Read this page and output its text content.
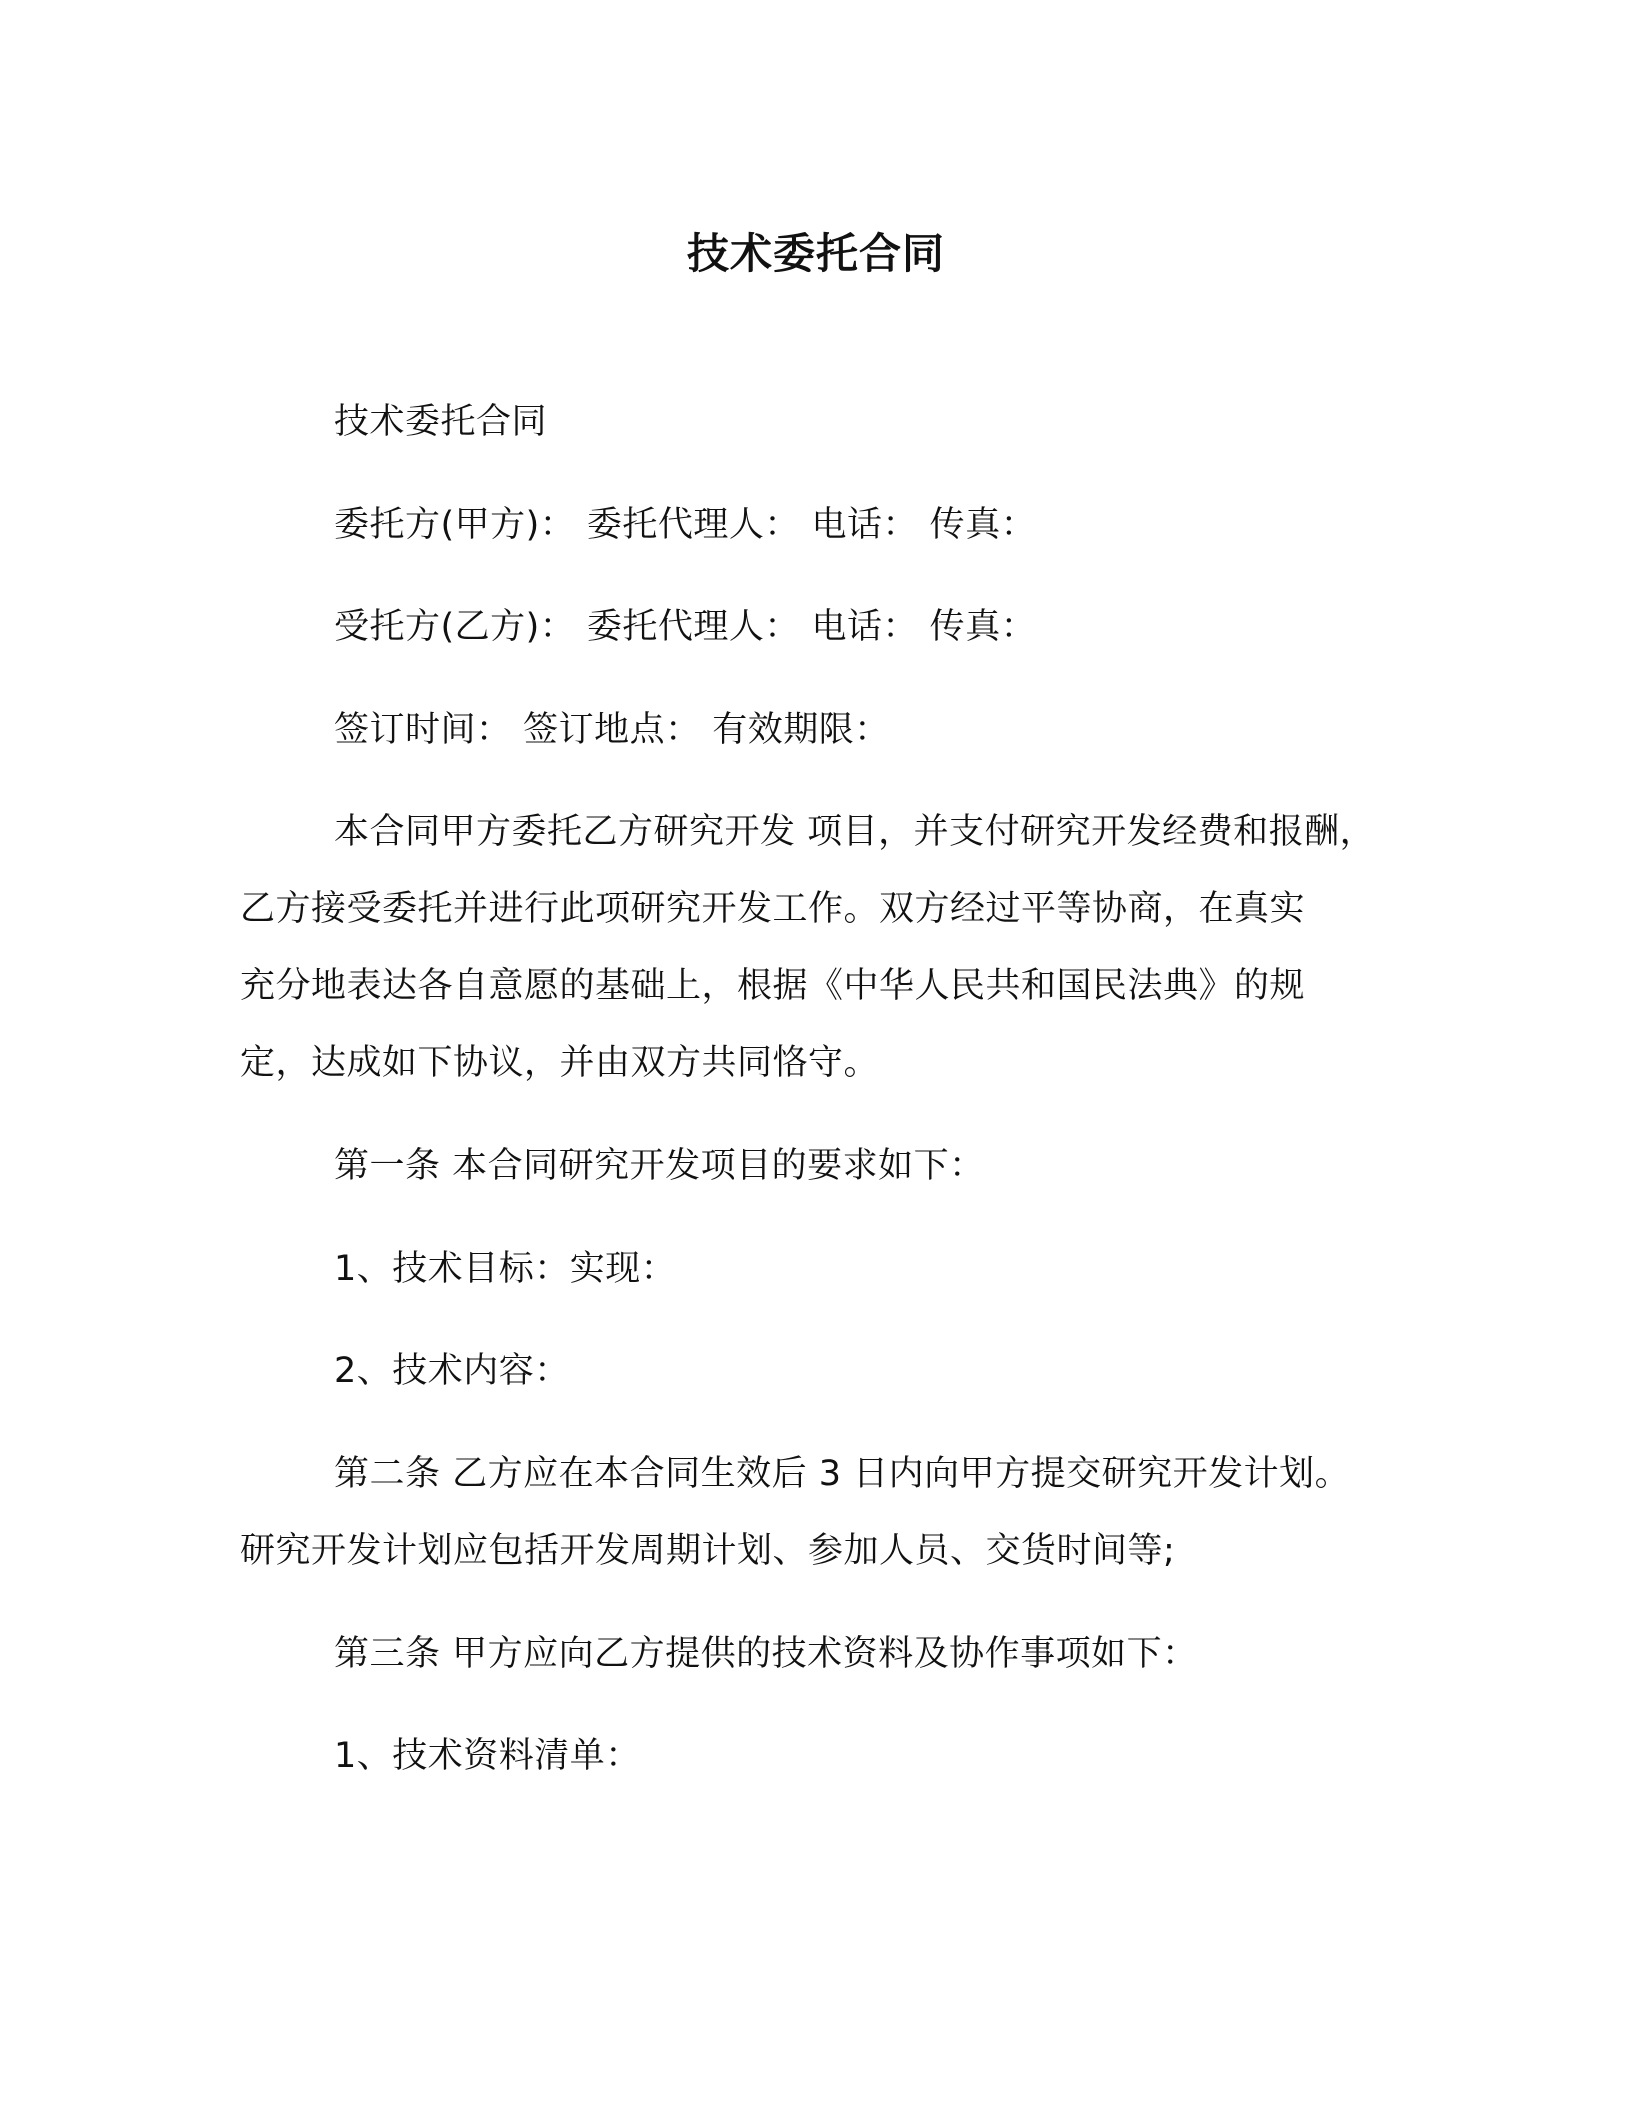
技术委托合同
技术委托合同
委托方(甲方)： 委托代理人： 电话： 传真：
受托方(乙方)： 委托代理人： 电话： 传真：
签订时间： 签订地点： 有效期限：
本合同甲方委托乙方研究开发 项目，并支付研究开发经费和报酬，
乙方接受委托并进行此项研究开发工作。双方经过平等协商，在真实
充分地表达各自意愿的基础上，根据《中华人民共和国民法典》的规
定，达成如下协议，并由双方共同恪守。
第一条 本合同研究开发项目的要求如下：
1、技术目标：实现：
2、技术内容：
第二条 乙方应在本合同生效后 3 日内向甲方提交研究开发计划。
研究开发计划应包括开发周期计划、参加人员、交货时间等;
第三条 甲方应向乙方提供的技术资料及协作事项如下：
1、技术资料清单：
